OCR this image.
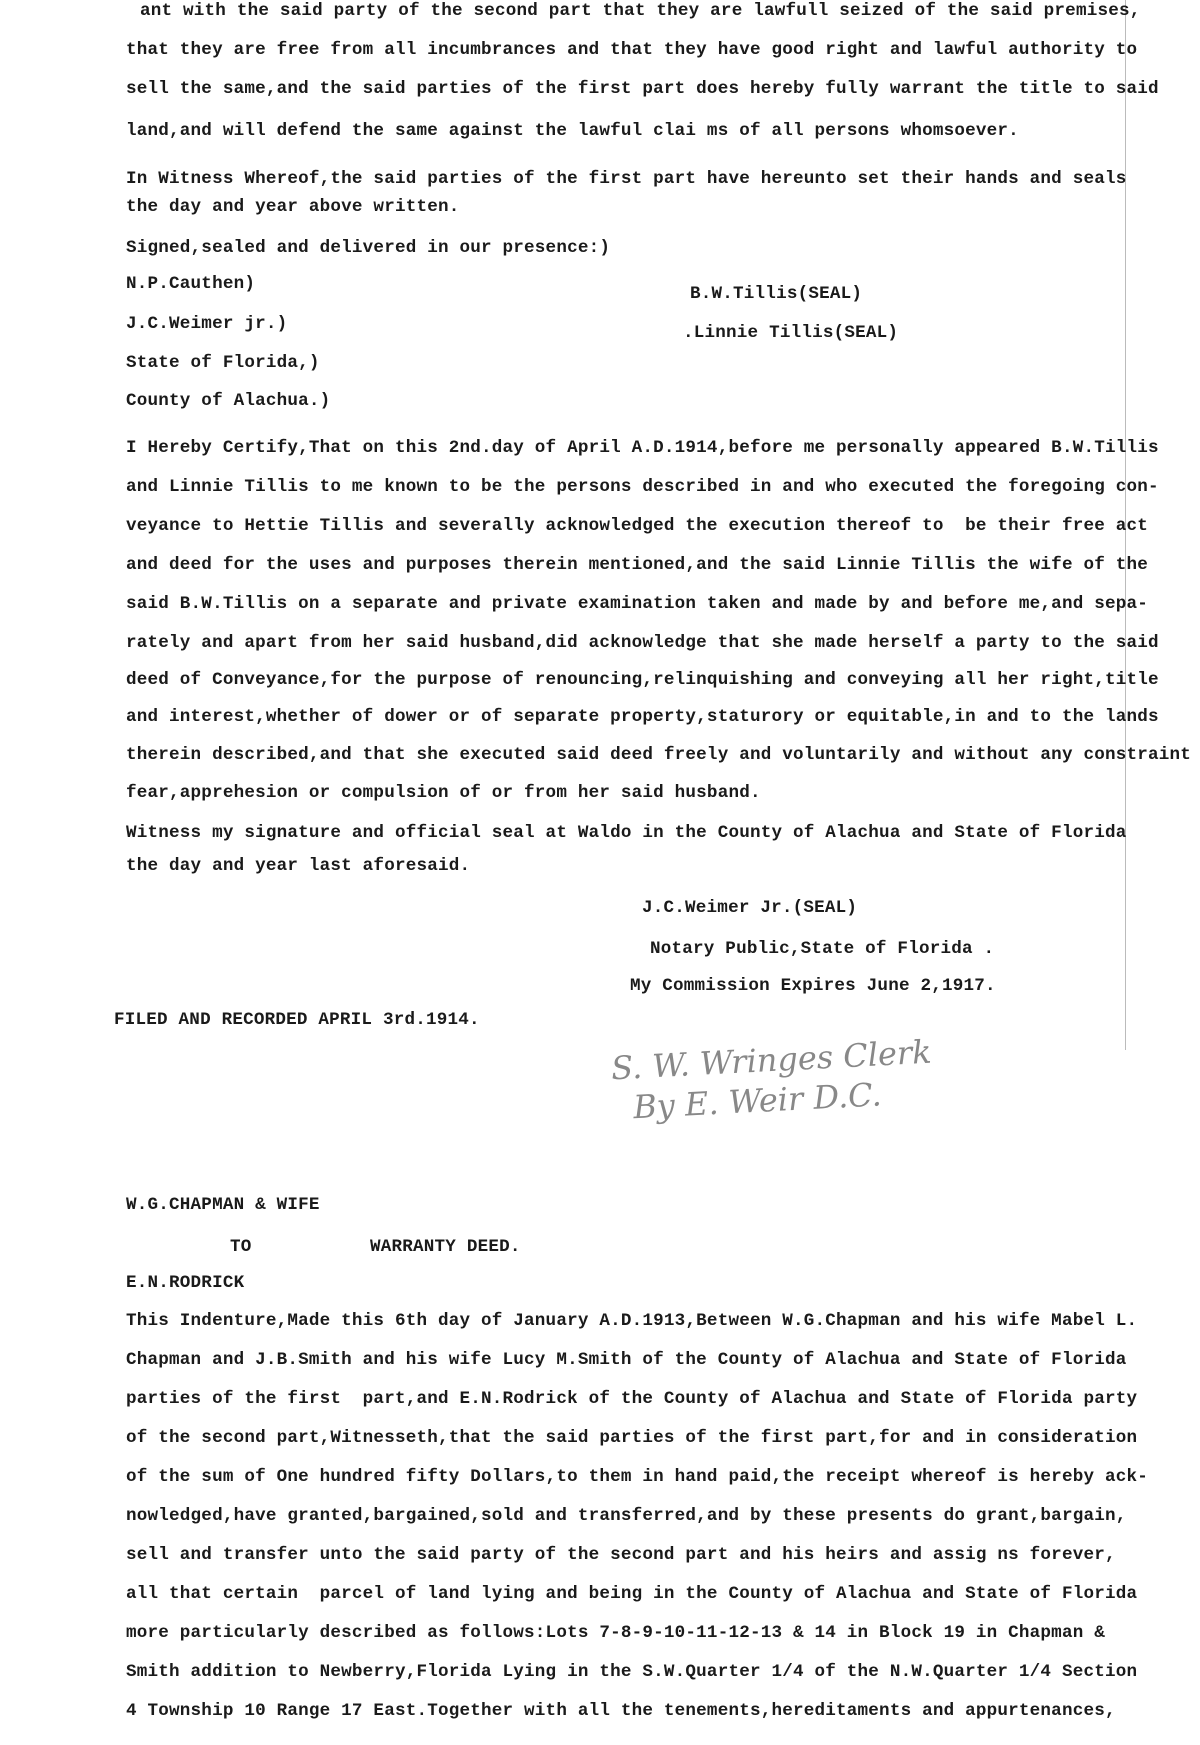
ant with the said party of the second part that they are lawfull seized of the said premises,
that they are free from all incumbrances and that they have good right and lawful authority to
sell the same,and the said parties of the first part does hereby fully warrant the title to said
land,and will defend the same against the lawful clai ms of all persons whomsoever.
In Witness Whereof,the said parties of the first part have hereunto set their hands and seals
the day and year above written.
Signed,sealed and delivered in our presence:)
N.P.Cauthen)
J.C.Weimer jr.)
B.W.Tillis(SEAL)
.Linnie Tillis(SEAL)
State of Florida,)
County of Alachua.)
I Hereby Certify,That on this 2nd.day of April A.D.1914,before me personally appeared B.W.Tillis
and Linnie Tillis to me known to be the persons described in and who executed the foregoing con-
veyance to Hettie Tillis and severally acknowledged the execution thereof to  be their free act
and deed for the uses and purposes therein mentioned,and the said Linnie Tillis the wife of the
said B.W.Tillis on a separate and private examination taken and made by and before me,and sepa-
rately and apart from her said husband,did acknowledge that she made herself a party to the said
deed of Conveyance,for the purpose of renouncing,relinquishing and conveying all her right,title
and interest,whether of dower or of separate property,staturory or equitable,in and to the lands
therein described,and that she executed said deed freely and voluntarily and without any constraint
fear,apprehesion or compulsion of or from her said husband.
Witness my signature and official seal at Waldo in the County of Alachua and State of Florida
the day and year last aforesaid.
J.C.Weimer Jr.(SEAL)
Notary Public,State of Florida .
My Commission Expires June 2,1917.
FILED AND RECORDED APRIL 3rd.1914.
S. W. Wringes Clerk
By E. Weir D.C.
W.G.CHAPMAN & WIFE
TO	WARRANTY DEED.
E.N.RODRICK
This Indenture,Made this 6th day of January A.D.1913,Between W.G.Chapman and his wife Mabel L.
Chapman and J.B.Smith and his wife Lucy M.Smith of the County of Alachua and State of Florida
parties of the first  part,and E.N.Rodrick of the County of Alachua and State of Florida party
of the second part,Witnesseth,that the said parties of the first part,for and in consideration
of the sum of One hundred fifty Dollars,to them in hand paid,the receipt whereof is hereby ack-
nowledged,have granted,bargained,sold and transferred,and by these presents do grant,bargain,
sell and transfer unto the said party of the second part and his heirs and assig ns forever,
all that certain  parcel of land lying and being in the County of Alachua and State of Florida
more particularly described as follows:Lots 7-8-9-10-11-12-13 & 14 in Block 19 in Chapman &
Smith addition to Newberry,Florida Lying in the S.W.Quarter 1/4 of the N.W.Quarter 1/4 Section
4 Township 10 Range 17 East.Together with all the tenements,hereditaments and appurtenances,
